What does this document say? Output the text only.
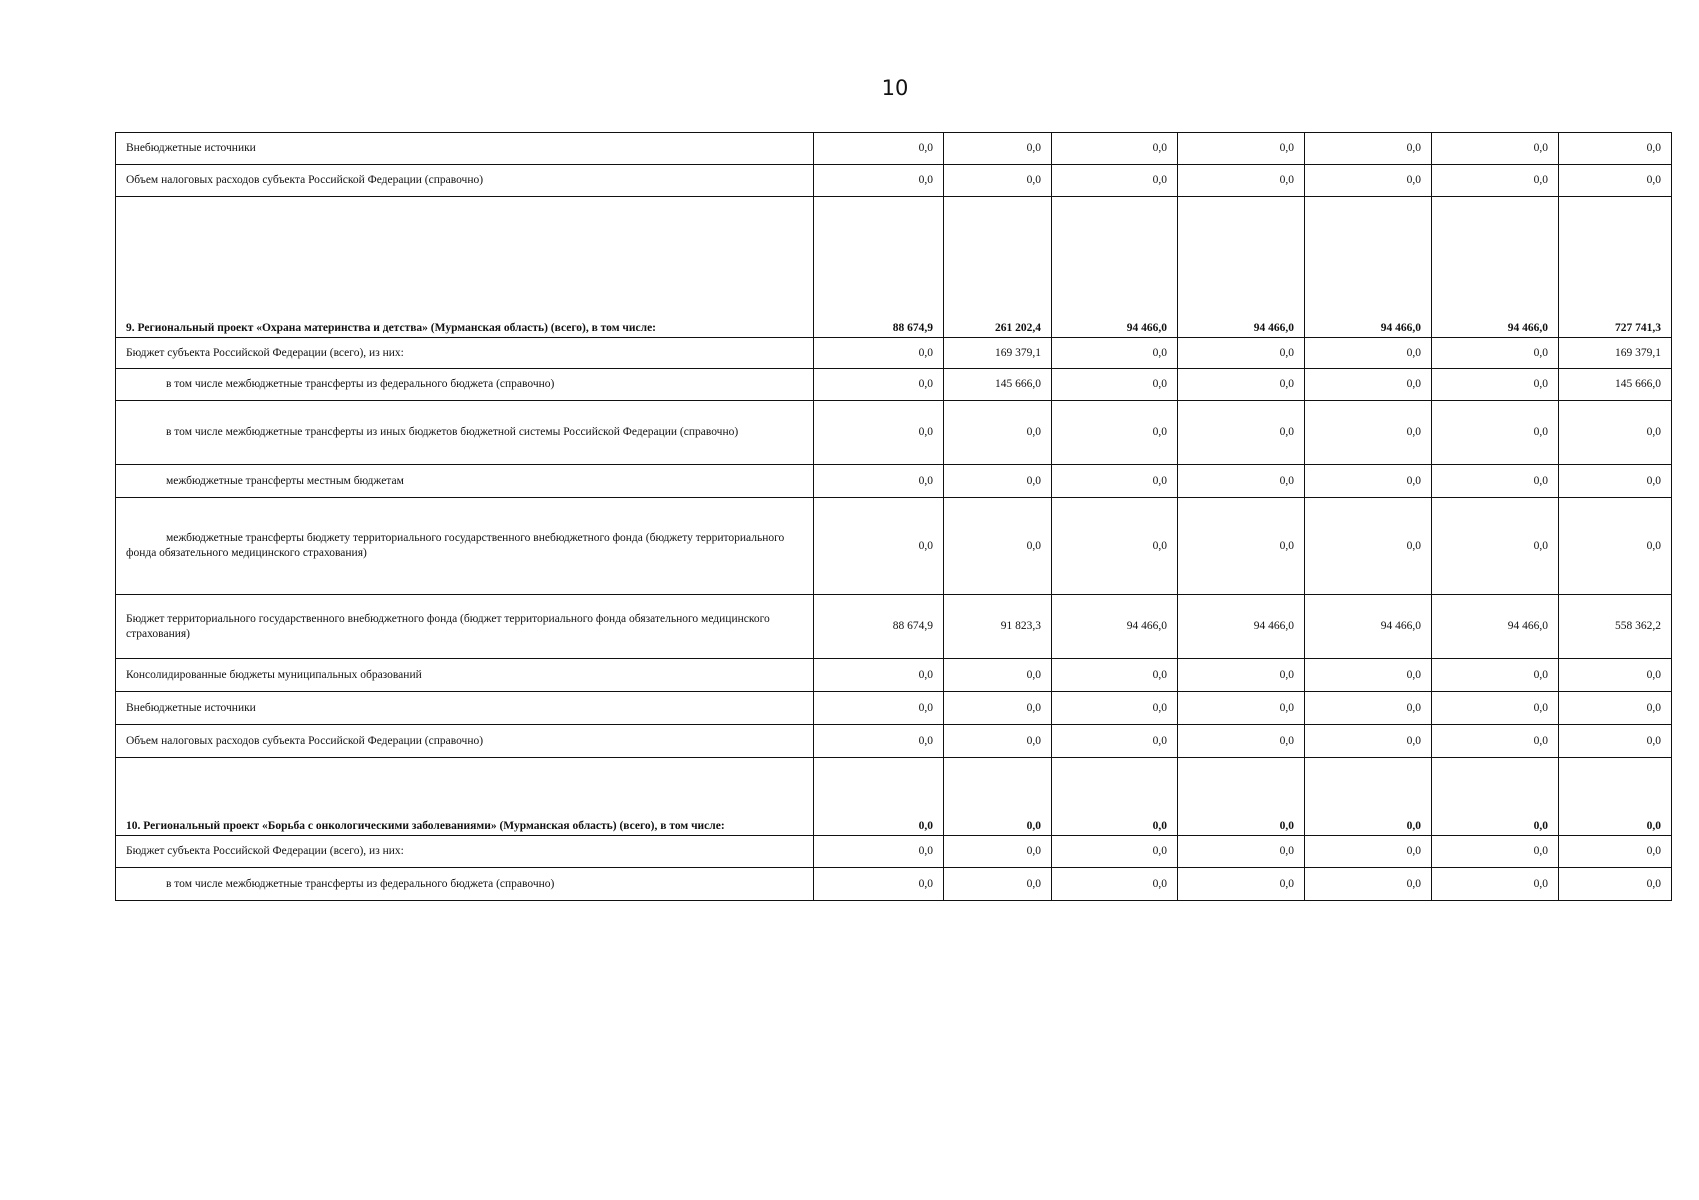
10
Внебюджетные источники	0,0	0,0	0,0	0,0	0,0	0,0	0,0
Объем налоговых расходов субъекта Российской Федерации (справочно)	0,0	0,0	0,0	0,0	0,0	0,0	0,0
9. Региональный проект «Охрана материнства и детства» (Мурманская область) (всего), в том числе:	88 674,9	261 202,4	94 466,0	94 466,0	94 466,0	94 466,0	727 741,3
Бюджет субъекта Российской Федерации (всего), из них:	0,0	169 379,1	0,0	0,0	0,0	0,0	169 379,1
в том числе межбюджетные трансферты из федерального бюджета (справочно)	0,0	145 666,0	0,0	0,0	0,0	0,0	145 666,0
в том числе межбюджетные трансферты из иных бюджетов бюджетной системы Российской Федерации (справочно)	0,0	0,0	0,0	0,0	0,0	0,0	0,0
межбюджетные трансферты местным бюджетам	0,0	0,0	0,0	0,0	0,0	0,0	0,0
межбюджетные трансферты бюджету территориального государственного внебюджетного фонда (бюджету территориального фонда обязательного медицинского страхования)	0,0	0,0	0,0	0,0	0,0	0,0	0,0
Бюджет территориального государственного внебюджетного фонда (бюджет территориального фонда обязательного медицинского страхования)	88 674,9	91 823,3	94 466,0	94 466,0	94 466,0	94 466,0	558 362,2
Консолидированные бюджеты муниципальных образований	0,0	0,0	0,0	0,0	0,0	0,0	0,0
Внебюджетные источники	0,0	0,0	0,0	0,0	0,0	0,0	0,0
Объем налоговых расходов субъекта Российской Федерации (справочно)	0,0	0,0	0,0	0,0	0,0	0,0	0,0
10. Региональный проект «Борьба с онкологическими заболеваниями» (Мурманская область) (всего), в том числе:	0,0	0,0	0,0	0,0	0,0	0,0	0,0
Бюджет субъекта Российской Федерации (всего), из них:	0,0	0,0	0,0	0,0	0,0	0,0	0,0
в том числе межбюджетные трансферты из федерального бюджета (справочно)	0,0	0,0	0,0	0,0	0,0	0,0	0,0
